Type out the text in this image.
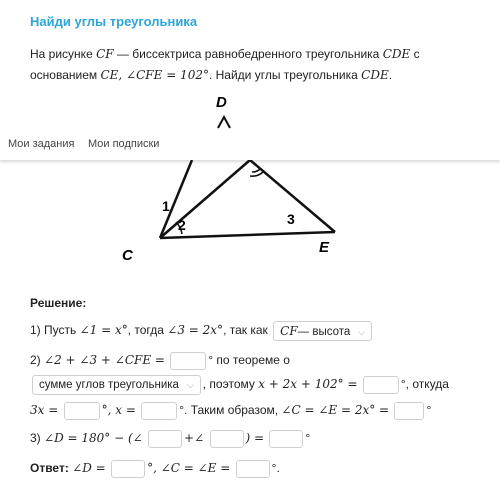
Найди углы треугольника
На рисунке CF — биссектриса равнобедренного треугольника CDE с основанием CE, ∠CFE = 102°. Найди углы треугольника CDE.
D
Мои задания Мои подписки
1
2	3
C	E
Решение:
1) Пусть ∠1 = x°, тогда ∠3 = 2x°, так как CF— высота ⌵
2) ∠2 + ∠3 + ∠CFE =	° по теореме о
сумме углов треугольника ⌵ , поэтому x + 2x + 102° =	°, откуда
3x =	°, x =	°. Таким образом, ∠C = ∠E = 2x° =	°
3) ∠D = 180° − (∠	+∠	) =	°
Ответ: ∠D =	°, ∠C = ∠E =	°.
